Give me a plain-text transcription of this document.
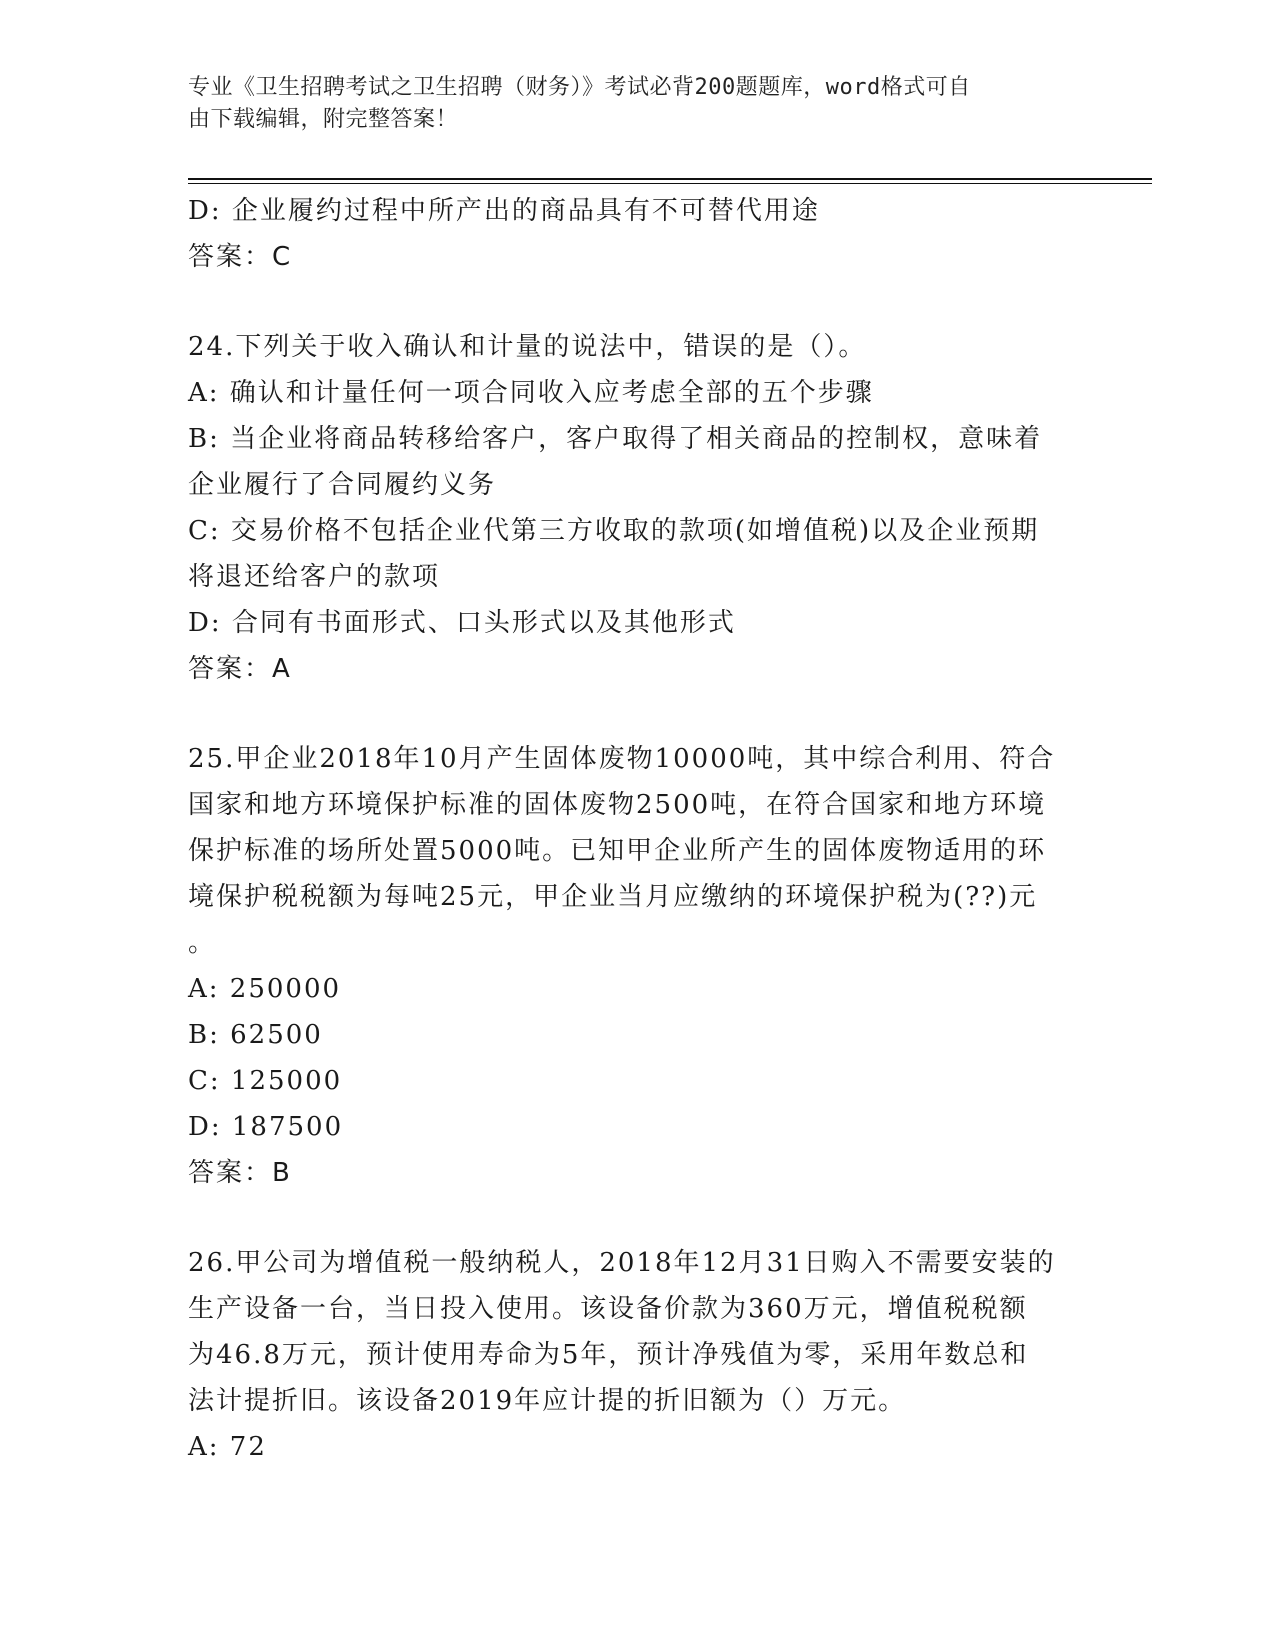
专业《卫生招聘考试之卫生招聘（财务）》考试必背200题题库，word格式可自
由下载编辑，附完整答案！
D: 企业履约过程中所产出的商品具有不可替代用途
答案：C
24.下列关于收入确认和计量的说法中，错误的是（）。
A: 确认和计量任何一项合同收入应考虑全部的五个步骤
B: 当企业将商品转移给客户，客户取得了相关商品的控制权，意味着
企业履行了合同履约义务
C: 交易价格不包括企业代第三方收取的款项(如增值税)以及企业预期
将退还给客户的款项
D: 合同有书面形式、口头形式以及其他形式
答案：A
25.甲企业2018年10月产生固体废物10000吨，其中综合利用、符合
国家和地方环境保护标准的固体废物2500吨，在符合国家和地方环境
保护标准的场所处置5000吨。已知甲企业所产生的固体废物适用的环
境保护税税额为每吨25元，甲企业当月应缴纳的环境保护税为(??)元
。
A: 250000
B: 62500
C: 125000
D: 187500
答案：B
26.甲公司为增值税一般纳税人，2018年12月31日购入不需要安装的
生产设备一台，当日投入使用。该设备价款为360万元，增值税税额
为46.8万元，预计使用寿命为5年，预计净残值为零，采用年数总和
法计提折旧。该设备2019年应计提的折旧额为（）万元。
A: 72
